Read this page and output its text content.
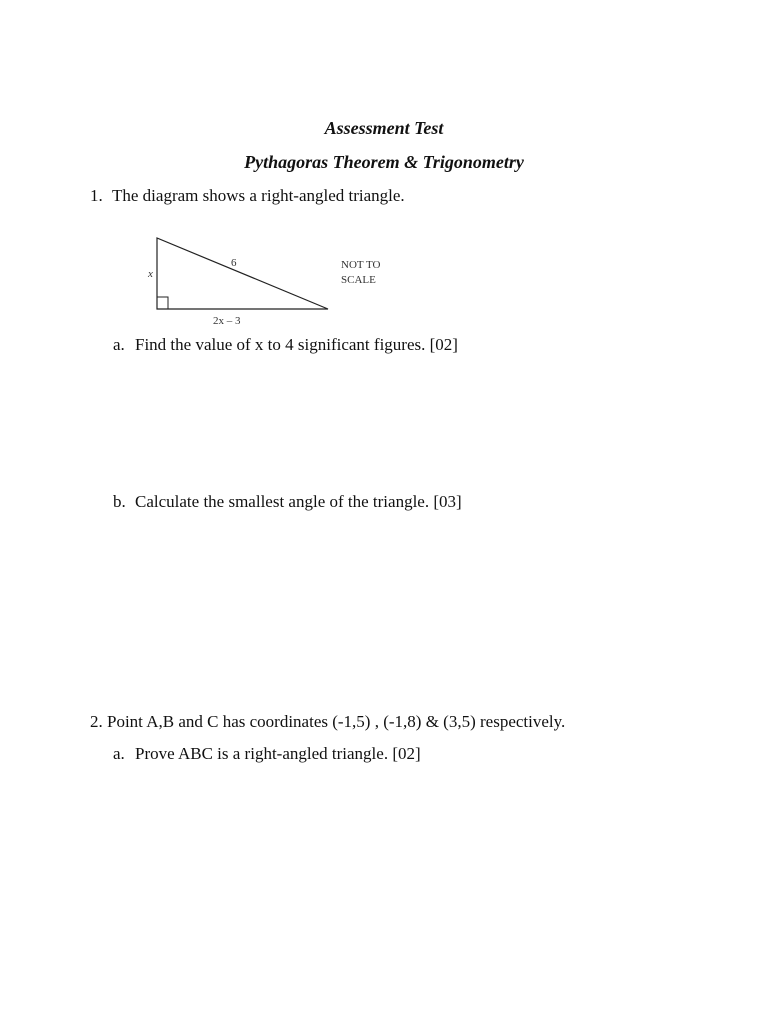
Assessment Test
Pythagoras Theorem & Trigonometry
1. The diagram shows a right-angled triangle.
x
6
2x – 3
NOT TO
SCALE
a. Find the value of x to 4 significant figures. [02]
b. Calculate the smallest angle of the triangle. [03]
2. Point A,B and C has coordinates (-1,5) , (-1,8) & (3,5) respectively.
a. Prove ABC is a right-angled triangle. [02]
